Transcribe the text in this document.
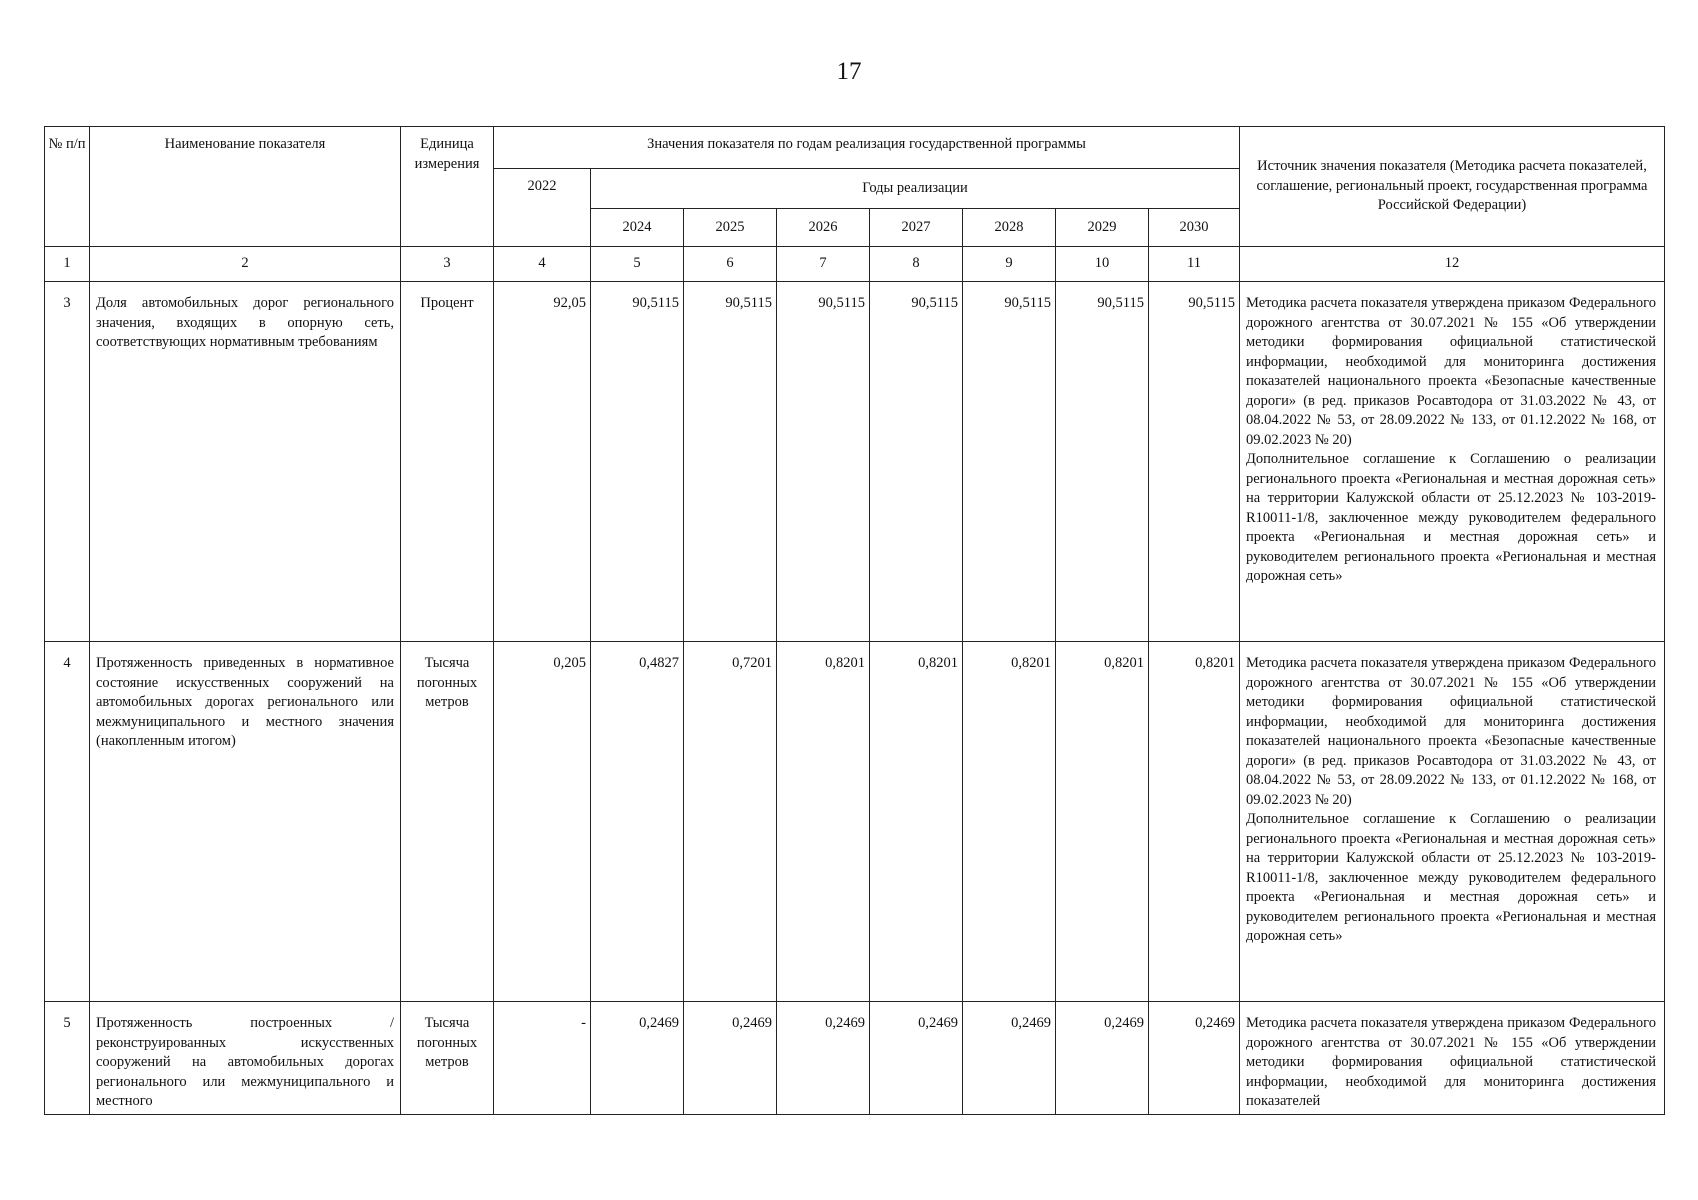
17
№ п/п	Наименование показателя	Единица измерения	Значения показателя по годам реализация государственной программы								Источник значения показателя (Методика расчета показателей, соглашение, региональный проект, государственная программа Российской Федерации)
			2022	Годы реализации							
				2024	2025	2026	2027	2028	2029	2030	
1	2	3	4	5	6	7	8	9	10	11	12
3	Доля автомобильных дорог регионального значения, входящих в опорную сеть, соответствующих нормативным требованиям	Процент	92,05	90,5115	90,5115	90,5115	90,5115	90,5115	90,5115	90,5115	Методика расчета показателя утверждена приказом Федерального дорожного агентства от 30.07.2021 № 155 «Об утверждении методики формирования официальной статистической информации, необходимой для мониторинга достижения показателей национального проекта «Безопасные качественные дороги» (в ред. приказов Росавтодора от 31.03.2022 № 43, от 08.04.2022 № 53, от 28.09.2022 № 133, от 01.12.2022 № 168, от 09.02.2023 № 20)

Дополнительное соглашение к Соглашению о реализации регионального проекта «Региональная и местная дорожная сеть» на территории Калужской области от 25.12.2023 № 103-2019-R10011-1/8, заключенное между руководителем федерального проекта «Региональная и местная дорожная сеть» и руководителем регионального проекта «Региональная и местная дорожная сеть»

4	Протяженность приведенных в нормативное состояние искусственных сооружений на автомобильных дорогах регионального или межмуниципального и местного значения (накопленным итогом)	Тысяча погонных метров	0,205	0,4827	0,7201	0,8201	0,8201	0,8201	0,8201	0,8201	Методика расчета показателя утверждена приказом Федерального дорожного агентства от 30.07.2021 № 155 «Об утверждении методики формирования официальной статистической информации, необходимой для мониторинга достижения показателей национального проекта «Безопасные качественные дороги» (в ред. приказов Росавтодора от 31.03.2022 № 43, от 08.04.2022 № 53, от 28.09.2022 № 133, от 01.12.2022 № 168, от 09.02.2023 № 20)

Дополнительное соглашение к Соглашению о реализации регионального проекта «Региональная и местная дорожная сеть» на территории Калужской области от 25.12.2023 № 103-2019-R10011-1/8, заключенное между руководителем федерального проекта «Региональная и местная дорожная сеть» и руководителем регионального проекта «Региональная и местная дорожная сеть»

5	Протяженность построенных /реконструированных искусственных сооружений на автомобильных дорогах регионального или межмуниципального и местного	Тысяча погонных метров	-	0,2469	0,2469	0,2469	0,2469	0,2469	0,2469	0,2469	Методика расчета показателя утверждена приказом Федерального дорожного агентства от 30.07.2021 № 155 «Об утверждении методики формирования официальной статистической информации, необходимой для мониторинга достижения показателей
